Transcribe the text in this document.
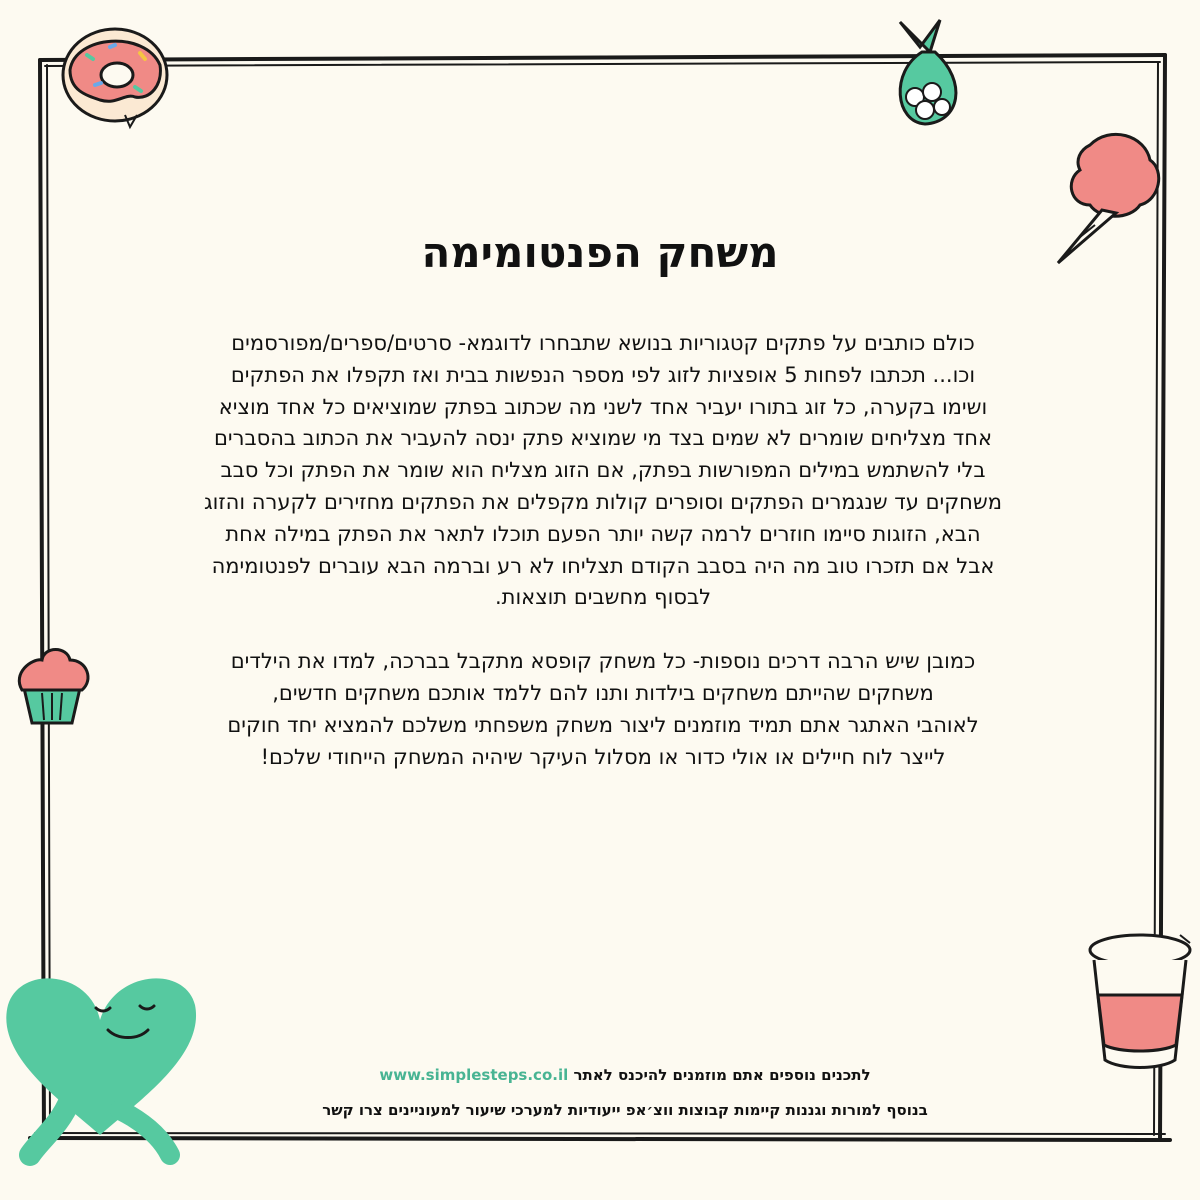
משחק הפנטומימה

כולם כותבים על פתקים קטגוריות בנושא שתבחרו לדוגמא- סרטים/ספרים/מפורסמים
וכו... תכתבו לפחות 5 אופציות לזוג לפי מספר הנפשות בבית ואז תקפלו את הפתקים
ושימו בקערה, כל זוג בתורו יעביר אחד לשני מה שכתוב בפתק שמוציאים כל אחד מוציא
אחד מצליחים שומרים לא שמים בצד מי שמוציא פתק ינסה להעביר את הכתוב בהסברים
בלי להשתמש במילים המפורשות בפתק, אם הזוג מצליח הוא שומר את הפתק וכל סבב
משחקים עד שנגמרים הפתקים וסופרים קולות מקפלים את הפתקים מחזירים לקערה והזוג
הבא, הזוגות סיימו חוזרים לרמה קשה יותר הפעם תוכלו לתאר את הפתק במילה אחת
אבל אם תזכרו טוב מה היה בסבב הקודם תצליחו לא רע וברמה הבא עוברים לפנטומימה
לבסוף מחשבים תוצאות.

כמובן שיש הרבה דרכים נוספות- כל משחק קופסא מתקבל בברכה, למדו את הילדים
משחקים שהייתם משחקים בילדות ותנו להם ללמד אותכם משחקים חדשים,
לאוהבי האתגר אתם תמיד מוזמנים ליצור משחק משפחתי משלכם להמציא יחד חוקים
לייצר לוח חיילים או אולי כדור או מסלול העיקר שיהיה המשחק הייחודי שלכם!

לתכנים נוספים אתם מוזמנים להיכנס לאתר www.simplesteps.co.il
בנוסף למורות וגננות קיימות קבוצות ווצ׳אפ ייעודיות למערכי שיעור למעוניינים צרו קשר
